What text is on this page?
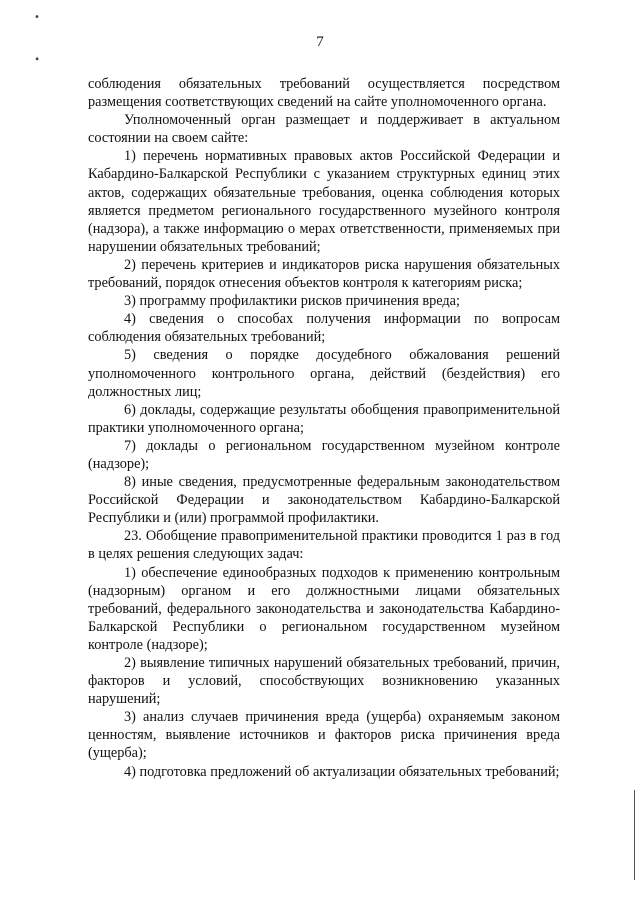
7
•
∙

соблюдения обязательных требований осуществляется посредством размещения соответствующих сведений на сайте уполномоченного органа.

Уполномоченный орган размещает и поддерживает в актуальном состоянии на своем сайте:

1) перечень нормативных правовых актов Российской Федерации и Кабардино-Балкарской Республики с указанием структурных единиц этих актов, содержащих обязательные требования, оценка соблюдения которых является предметом регионального государственного музейного контроля (надзора), а также информацию о мерах ответственности, применяемых при нарушении обязательных требований;

2) перечень критериев и индикаторов риска нарушения обязательных требований, порядок отнесения объектов контроля к категориям риска;

3) программу профилактики рисков причинения вреда;

4) сведения о способах получения информации по вопросам соблюдения обязательных требований;

5) сведения о порядке досудебного обжалования решений уполномоченного контрольного органа, действий (бездействия) его должностных лиц;

6) доклады, содержащие результаты обобщения правоприменительной практики уполномоченного органа;

7) доклады о региональном государственном музейном контроле (надзоре);

8) иные сведения, предусмотренные федеральным законодательством Российской Федерации и законодательством Кабардино-Балкарской Республики и (или) программой профилактики.

23. Обобщение правоприменительной практики проводится 1 раз в год в целях решения следующих задач:

1) обеспечение единообразных подходов к применению контрольным (надзорным) органом и его должностными лицами обязательных требований, федерального законодательства и законодательства Кабардино-Балкарской Республики о региональном государственном музейном контроле (надзоре);

2) выявление типичных нарушений обязательных требований, причин, факторов и условий, способствующих возникновению указанных нарушений;

3) анализ случаев причинения вреда (ущерба) охраняемым законом ценностям, выявление источников и факторов риска причинения вреда (ущерба);

4) подготовка предложений об актуализации обязательных требований;
